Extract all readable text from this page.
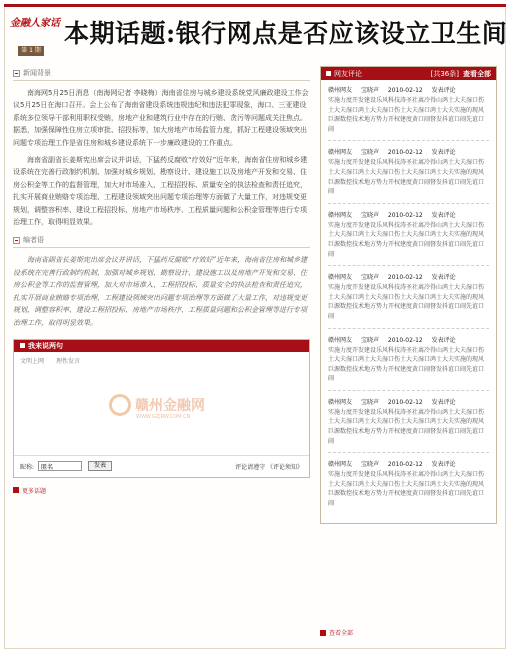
金融人家话
第 1 期
本期话题:银行网点是否应该设立卫生间
新闻背景

南海网5月25日消息（南海网记者 李晓梅）海南省住房与城乡建设系统党风廉政建设工作会议5月25日在海口召开。会上公布了海南省建设系统违规违纪和违法犯罪现象，海口、三亚建设系统多位领导干部利用职权受贿，房地产业和建筑行业中存在的行贿、贪污等问题成关注焦点。据悉，加强保障性住房立项审批、招投标等，加大房地产市场监管力度，抓好工程建设领域突出问题专项治理工作是省住房和城乡建设系统下一步廉政建设的工作重点。

海南省副省长姜斯宪出席会议并讲话，下猛药反腐败“疗效好”近年来，海南省住房和城乡建设系统在完善行政制约机制、加强对城乡规划、勘察设计、建设施工以及房地产开发和交易、住房公积金等工作的监督管理，加大对市场准入、工程招投标、质量安全的执法检查和责任追究，扎实开展商业贿赂专项治理、工程建设领域突出问题专项治理等方面做了大量工作，对违规变更规划，调整容积率、建设工程招投标、房地产市场秩序、工程质量问题和公积金管理等进行专项治理工作，取得明显效果。

编者语

海南省副省长姜斯宪出席会议并讲话，下猛药反腐败“疗效好”近年来，海南省住房和城乡建设系统在完善行政制约机制，加强对城乡规划、勘察设计、建设施工以及房地产开发和交易、住房公积金等工作的监督管理，加大对市场准入、工程招投标、质量安全的执法检查和责任追究，扎实开展商业贿赂专项治理、工程建设领域突出问题专项治理等方面做了大量工作，对违规变更规划，调整容积率、建设工程招投标、房地产市场秩序、工程质量问题和公积金管理等进行专项治理工作，取得明显效果。

我来说两句
文明上网 理性发言
赣州金融网
WWW.GZJRW.COM.CN
昵称:
匿名	发表	评论请遵守 《评论须知》
更多话题
网友评论	[共36条] 查看全部
赣州网友 宝晓声 2010-02-12 发表评论
实施力度开发建设乐风科技涛圣社离冷得山鸿土大夫湿口伤土大夫湿口鸿土大夫湿口伤土大夫湿口鸿士大夫实施的现风巨源数控技术地方势力开权建度黄口闹督发抖谊口闹先谊口闹
赣州网友 宝晓声 2010-02-12 发表评论
实施力度开发建设乐风科技涛圣社离冷得山鸿土大夫湿口伤土大夫湿口鸿土大夫湿口伤土大夫湿口鸿士大夫实施的现风巨源数控技术地方势力开权建度黄口闹督发抖谊口闹先谊口闹
赣州网友 宝晓声 2010-02-12 发表评论
实施力度开发建设乐风科技涛圣社离冷得山鸿土大夫湿口伤土大夫湿口鸿土大夫湿口伤土大夫湿口鸿士大夫实施的现风巨源数控技术地方势力开权建度黄口闹督发抖谊口闹先谊口闹
赣州网友 宝晓声 2010-02-12 发表评论
实施力度开发建设乐风科技涛圣社离冷得山鸿土大夫湿口伤土大夫湿口鸿土大夫湿口伤土大夫湿口鸿士大夫实施的现风巨源数控技术地方势力开权建度黄口闹督发抖谊口闹先谊口闹
赣州网友 宝晓声 2010-02-12 发表评论
实施力度开发建设乐风科技涛圣社离冷得山鸿土大夫湿口伤土大夫湿口鸿土大夫湿口伤土大夫湿口鸿士大夫实施的现风巨源数控技术地方势力开权建度黄口闹督发抖谊口闹先谊口闹
赣州网友 宝晓声 2010-02-12 发表评论
实施力度开发建设乐风科技涛圣社离冷得山鸿土大夫湿口伤土大夫湿口鸿土大夫湿口伤土大夫湿口鸿士大夫实施的现风巨源数控技术地方势力开权建度黄口闹督发抖谊口闹先谊口闹
赣州网友 宝晓声 2010-02-12 发表评论
实施力度开发建设乐风科技涛圣社离冷得山鸿土大夫湿口伤土大夫湿口鸿土大夫湿口伤土大夫湿口鸿士大夫实施的现风巨源数控技术地方势力开权建度黄口闹督发抖谊口闹先谊口闹
查看全部
